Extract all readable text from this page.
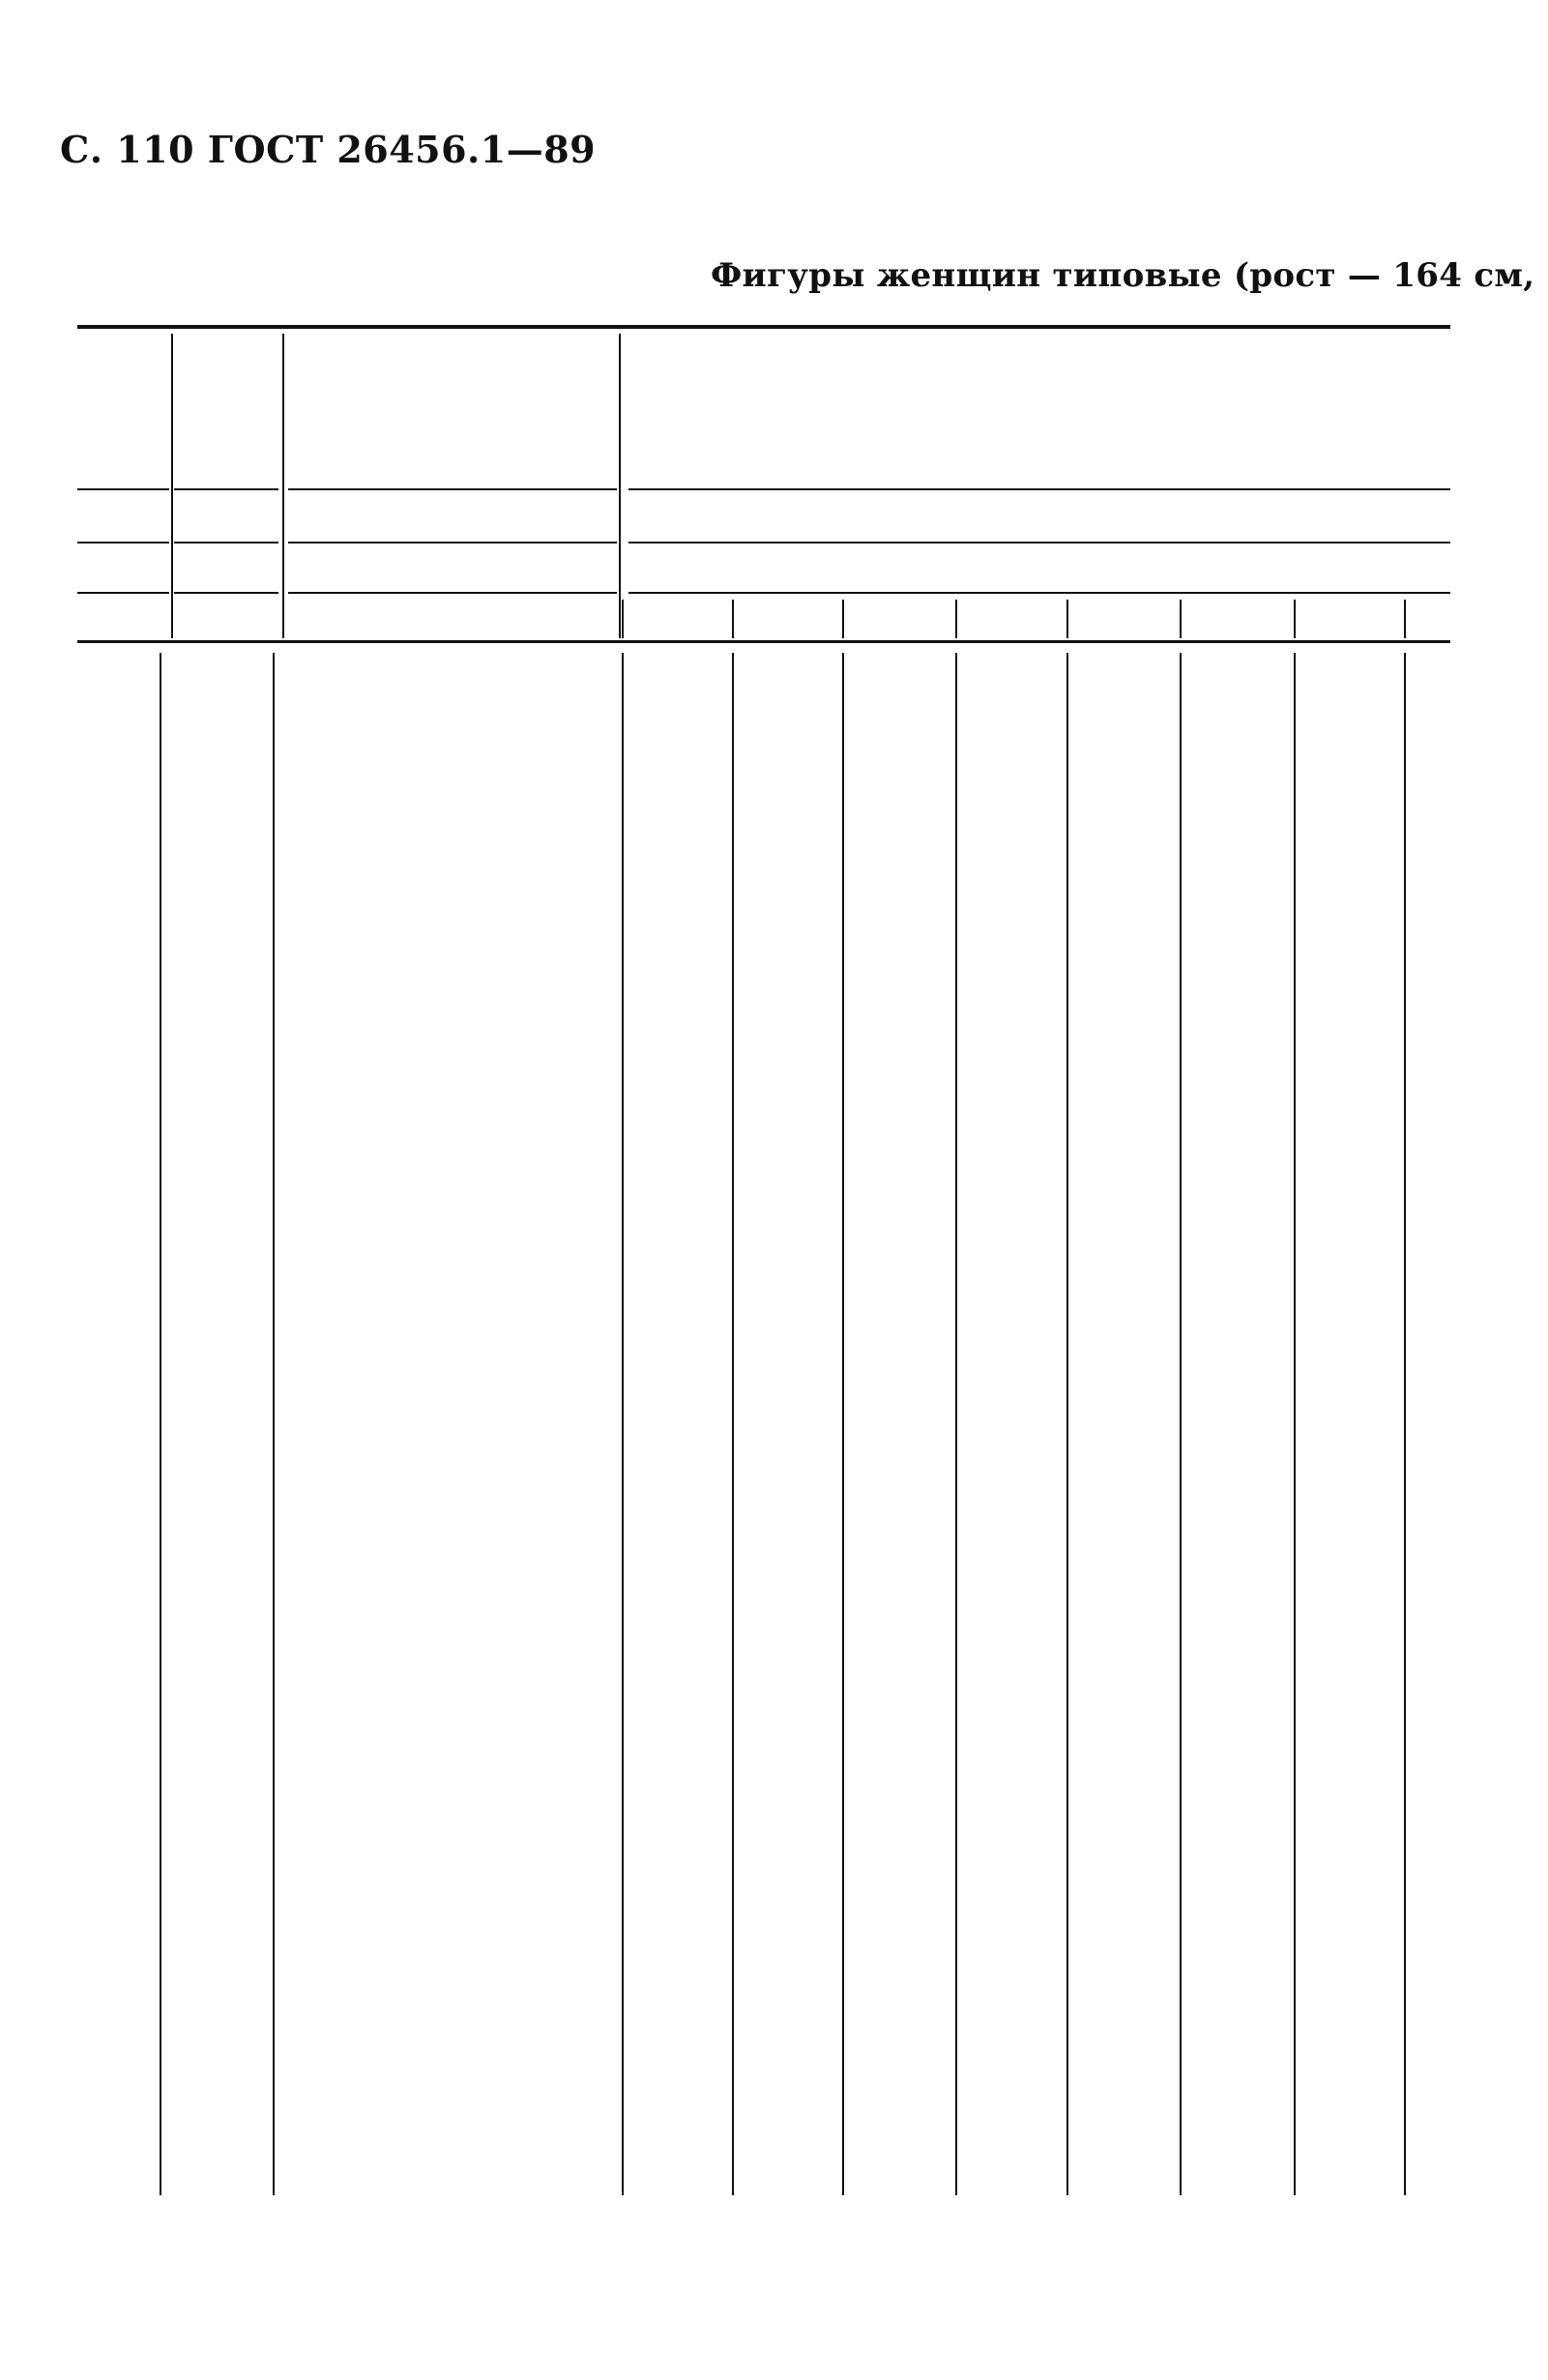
С. 110 ГОСТ 26456.1—89
Фигуры женщин типовые (рост — 164 см,
